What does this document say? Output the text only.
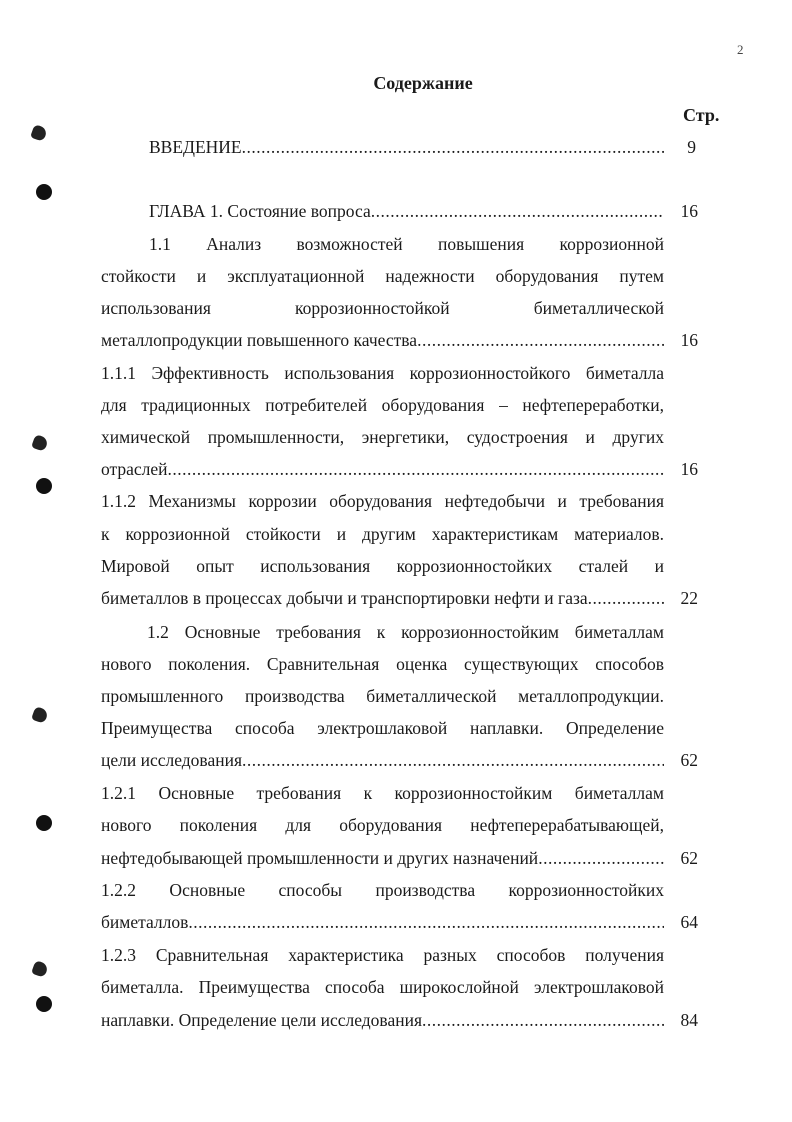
2
Содержание
Стр.
ВВЕДЕНИЕ
.....
ГЛАВА 1. Состояние вопроса
.....
1.1 Анализ возможностей повышения коррозионной
стойкости и эксплуатационной надежности оборудования путем
использования коррозионностойкой биметаллической
металлопродукции повышенного качества
.....
1.1.1 Эффективность использования коррозионностойкого биметалла
для традиционных потребителей оборудования – нефтепереработки,
химической промышленности, энергетики, судостроения и других
отраслей
.....
1.1.2 Механизмы коррозии оборудования нефтедобычи и требования
к коррозионной стойкости и другим характеристикам материалов.
Мировой опыт использования коррозионностойких сталей и
биметаллов в процессах добычи и транспортировки нефти и газа
.....
1.2 Основные требования к коррозионностойким биметаллам
нового поколения. Сравнительная оценка существующих способов
промышленного производства биметаллической металлопродукции.
Преимущества способа электрошлаковой наплавки. Определение
цели исследования
.....
1.2.1 Основные требования к коррозионностойким биметаллам
нового поколения для оборудования нефтеперерабатывающей,
нефтедобывающей промышленности и других назначений
.....
1.2.2 Основные способы производства коррозионностойких
биметаллов
.....
1.2.3 Сравнительная характеристика разных способов получения
биметалла. Преимущества способа широкослойной электрошлаковой
наплавки. Определение цели исследования
.....
9
16
16
16
22
62
62
64
84
